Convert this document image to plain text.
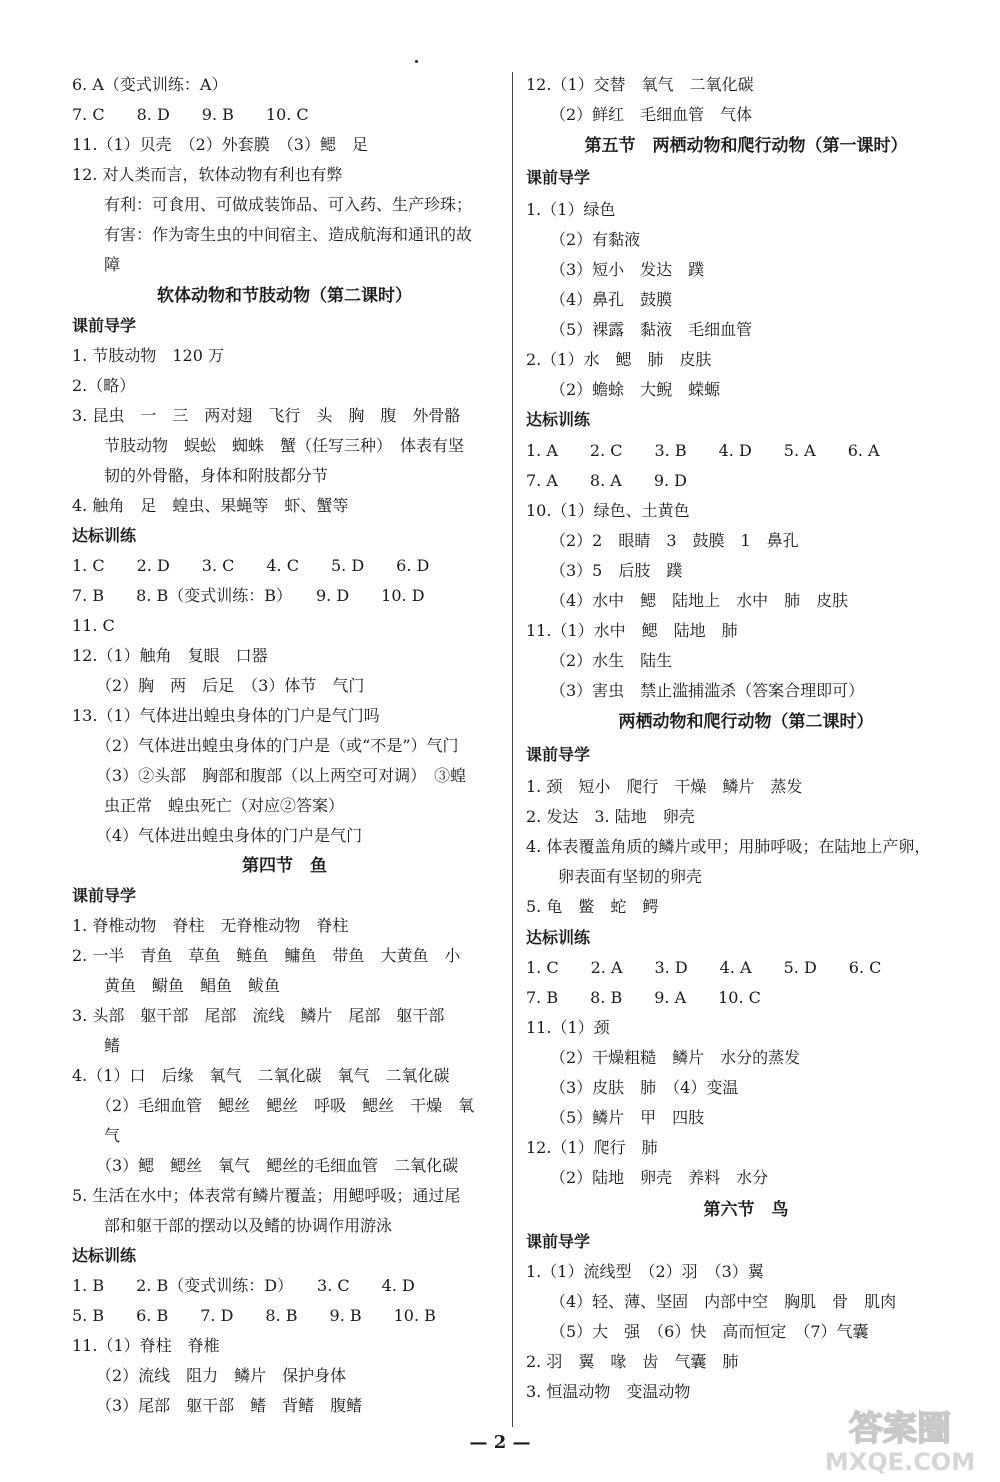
6. A（变式训练：A）
7. C　　8. D　　9. B　　10. C
11.（1）贝壳　（2）外套膜　（3）鳃　足
12. 对人类而言，软体动物有利也有弊
　　有利：可食用、可做成装饰品、可入药、生产珍珠；
　　有害：作为寄生虫的中间宿主、造成航海和通讯的故
　　障
软体动物和节肢动物（第二课时）
课前导学
1. 节肢动物　120 万
2.（略）
3. 昆虫　一　三　两对翅　飞行　头　胸　腹　外骨骼
　　节肢动物　蜈蚣　蜘蛛　蟹（任写三种）　体表有坚
　　韧的外骨骼，身体和附肢都分节
4. 触角　足　蝗虫、果蝇等　虾、蟹等
达标训练
1. C　　2. D　　3. C　　4. C　　5. D　　6. D
7. B　　8. B（变式训练：B）　　9. D　　10. D
11. C
12.（1）触角　复眼　口器
　　（2）胸　两　后足　（3）体节　气门
13.（1）气体进出蝗虫身体的门户是气门吗
　　（2）气体进出蝗虫身体的门户是（或“不是”）气门
　　（3）②头部　胸部和腹部（以上两空可对调）　③蝗
　　虫正常　蝗虫死亡（对应②答案）
　　（4）气体进出蝗虫身体的门户是气门
第四节　鱼
课前导学
1. 脊椎动物　脊柱　无脊椎动物　脊柱
2. 一半　青鱼　草鱼　鲢鱼　鳙鱼　带鱼　大黄鱼　小
　　黄鱼　鳚鱼　鲳鱼　鲅鱼
3. 头部　躯干部　尾部　流线　鳞片　尾部　躯干部
　　鳍
4.（1）口　后缘　氧气　二氧化碳　氧气　二氧化碳
　　（2）毛细血管　鳃丝　鳃丝　呼吸　鳃丝　干燥　氧
　　气
　　（3）鳃　鳃丝　氧气　鳃丝的毛细血管　二氧化碳
5. 生活在水中；体表常有鳞片覆盖；用鳃呼吸；通过尾
　　部和躯干部的摆动以及鳍的协调作用游泳
达标训练
1. B　　2. B（变式训练：D）　　3. C　　4. D
5. B　　6. B　　7. D　　8. B　　9. B　　10. B
11.（1）脊柱　脊椎
　　（2）流线　阻力　鳞片　保护身体
　　（3）尾部　躯干部　鳍　背鳍　腹鳍
12.（1）交替　氧气　二氧化碳
　　（2）鲜红　毛细血管　气体
第五节　两栖动物和爬行动物（第一课时）
课前导学
1.（1）绿色
　　（2）有黏液
　　（3）短小　发达　蹼
　　（4）鼻孔　鼓膜
　　（5）裸露　黏液　毛细血管
2.（1）水　鳃　肺　皮肤
　　（2）蟾蜍　大鲵　蝾螈
达标训练
1. A　　2. C　　3. B　　4. D　　5. A　　6. A
7. A　　8. A　　9. D
10.（1）绿色、土黄色
　　（2）2　眼睛　3　鼓膜　1　鼻孔
　　（3）5　后肢　蹼
　　（4）水中　鳃　陆地上　水中　肺　皮肤
11.（1）水中　鳃　陆地　肺
　　（2）水生　陆生
　　（3）害虫　禁止滥捕滥杀（答案合理即可）
两栖动物和爬行动物（第二课时）
课前导学
1. 颈　短小　爬行　干燥　鳞片　蒸发
2. 发达　3. 陆地　卵壳
4. 体表覆盖角质的鳞片或甲；用肺呼吸；在陆地上产卵，
　　卵表面有坚韧的卵壳
5. 龟　鳖　蛇　鳄
达标训练
1. C　　2. A　　3. D　　4. A　　5. D　　6. C
7. B　　8. B　　9. A　　10. C
11.（1）颈
　　（2）干燥粗糙　鳞片　水分的蒸发
　　（3）皮肤　肺　（4）变温
　　（5）鳞片　甲　四肢
12.（1）爬行　肺
　　（2）陆地　卵壳　养料　水分
第六节　鸟
课前导学
1.（1）流线型　（2）羽　（3）翼
　　（4）轻、薄、坚固　内部中空　胸肌　骨　肌肉
　　（5）大　强　（6）快　高而恒定　（7）气囊
2. 羽　翼　喙　齿　气囊　肺
3. 恒温动物　变温动物
— 2 —	答案圈
MXQE.COM
